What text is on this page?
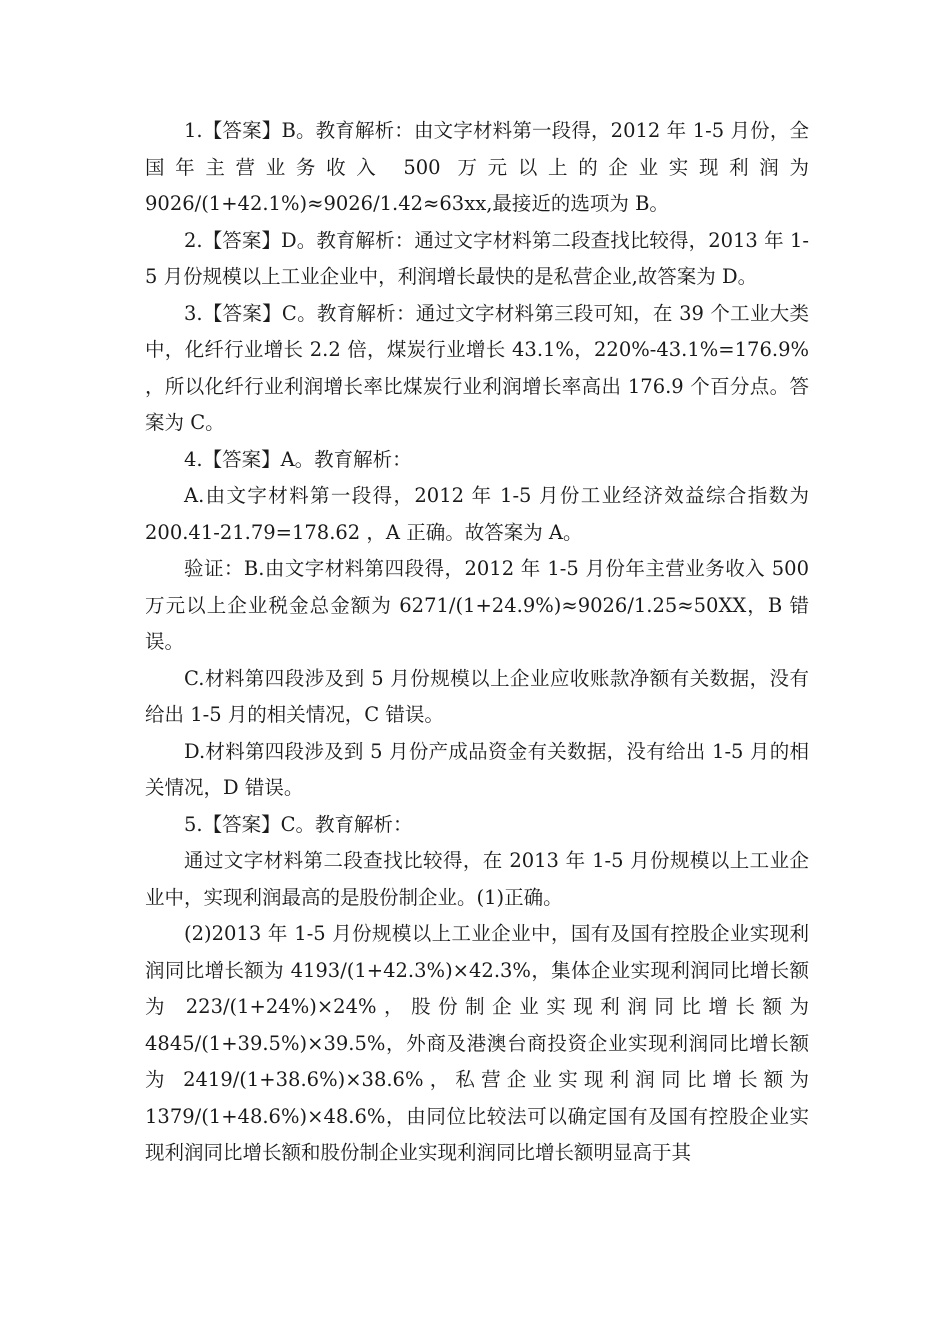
1.【答案】B。教育解析：由文字材料第一段得，2012 年 1-5 月份，全国年主营业务收入 500 万元以上的企业实现利润为 9026/(1+42.1%)≈9026/1.42≈63xx,最接近的选项为 B。

2.【答案】D。教育解析：通过文字材料第二段查找比较得，2013 年 1-5 月份规模以上工业企业中，利润增长最快的是私营企业,故答案为 D。

3.【答案】C。教育解析：通过文字材料第三段可知，在 39 个工业大类中，化纤行业增长 2.2 倍，煤炭行业增长 43.1%，220%-43.1%=176.9% ，所以化纤行业利润增长率比煤炭行业利润增长率高出 176.9 个百分点。答案为 C。

4.【答案】A。教育解析：

A.由文字材料第一段得，2012 年 1-5 月份工业经济效益综合指数为 200.41-21.79=178.62 ，A 正确。故答案为 A。

验证：B.由文字材料第四段得，2012 年 1-5 月份年主营业务收入 500 万元以上企业税金总金额为 6271/(1+24.9%)≈9026/1.25≈50XX，B 错误。

C.材料第四段涉及到 5 月份规模以上企业应收账款净额有关数据，没有给出 1-5 月的相关情况，C 错误。

D.材料第四段涉及到 5 月份产成品资金有关数据，没有给出 1-5 月的相关情况，D 错误。

5.【答案】C。教育解析：

通过文字材料第二段查找比较得，在 2013 年 1-5 月份规模以上工业企业中，实现利润最高的是股份制企业。(1)正确。

(2)2013 年 1-5 月份规模以上工业企业中，国有及国有控股企业实现利润同比增长额为 4193/(1+42.3%)×42.3%，集体企业实现利润同比增长额为 223/(1+24%)×24%，股份制企业实现利润同比增长额为 4845/(1+39.5%)×39.5%，外商及港澳台商投资企业实现利润同比增长额为 2419/(1+38.6%)×38.6%，私营企业实现利润同比增长额为 1379/(1+48.6%)×48.6%，由同位比较法可以确定国有及国有控股企业实现利润同比增长额和股份制企业实现利润同比增长额明显高于其
